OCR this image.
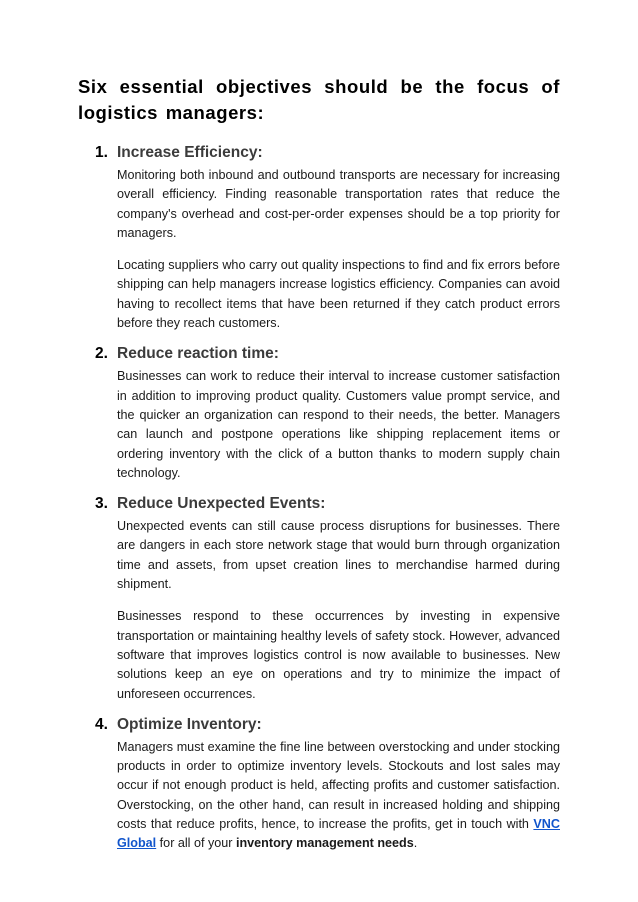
Six essential objectives should be the focus of logistics managers:
1. Increase Efficiency:

Monitoring both inbound and outbound transports are necessary for increasing overall efficiency. Finding reasonable transportation rates that reduce the company's overhead and cost-per-order expenses should be a top priority for managers.

Locating suppliers who carry out quality inspections to find and fix errors before shipping can help managers increase logistics efficiency. Companies can avoid having to recollect items that have been returned if they catch product errors before they reach customers.

2. Reduce reaction time:

Businesses can work to reduce their interval to increase customer satisfaction in addition to improving product quality. Customers value prompt service, and the quicker an organization can respond to their needs, the better. Managers can launch and postpone operations like shipping replacement items or ordering inventory with the click of a button thanks to modern supply chain technology.

3. Reduce Unexpected Events:

Unexpected events can still cause process disruptions for businesses. There are dangers in each store network stage that would burn through organization time and assets, from upset creation lines to merchandise harmed during shipment.

Businesses respond to these occurrences by investing in expensive transportation or maintaining healthy levels of safety stock. However, advanced software that improves logistics control is now available to businesses. New solutions keep an eye on operations and try to minimize the impact of unforeseen occurrences.

4. Optimize Inventory:

Managers must examine the fine line between overstocking and under stocking products in order to optimize inventory levels. Stockouts and lost sales may occur if not enough product is held, affecting profits and customer satisfaction. Overstocking, on the other hand, can result in increased holding and shipping costs that reduce profits, hence, to increase the profits, get in touch with VNC Global for all of your inventory management needs.
